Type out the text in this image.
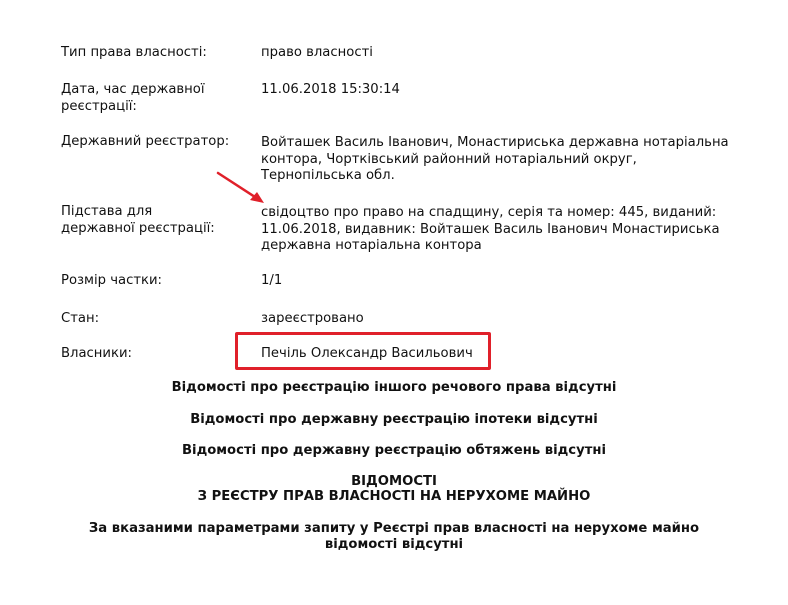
Тип права власності:	право власності
Дата, час державної реєстрації:
11.06.2018 15:30:14
Державний реєстратор:	Войташек Василь Іванович, Монастириська державна нотаріальна контора, Чортківський районний нотаріальний округ, Тернопільська обл.
Підстава для державної реєстрації:
свідоцтво про право на спадщину, серія та номер: 445, виданий: 11.06.2018, видавник: Войташек Василь Іванович Монастириська державна нотаріальна контора
Розмір частки:	1/1
Стан:	зареєстровано
Власники:	Печіль Олександр Васильович
Відомості про реєстрацію іншого речового права відсутні
Відомості про державну реєстрацію іпотеки відсутні
Відомості про державну реєстрацію обтяжень відсутні
ВІДОМОСТІ
З РЕЄСТРУ ПРАВ ВЛАСНОСТІ НА НЕРУХОМЕ МАЙНО
За вказаними параметрами запиту у Реєстрі прав власності на нерухоме майно
відомості відсутні
